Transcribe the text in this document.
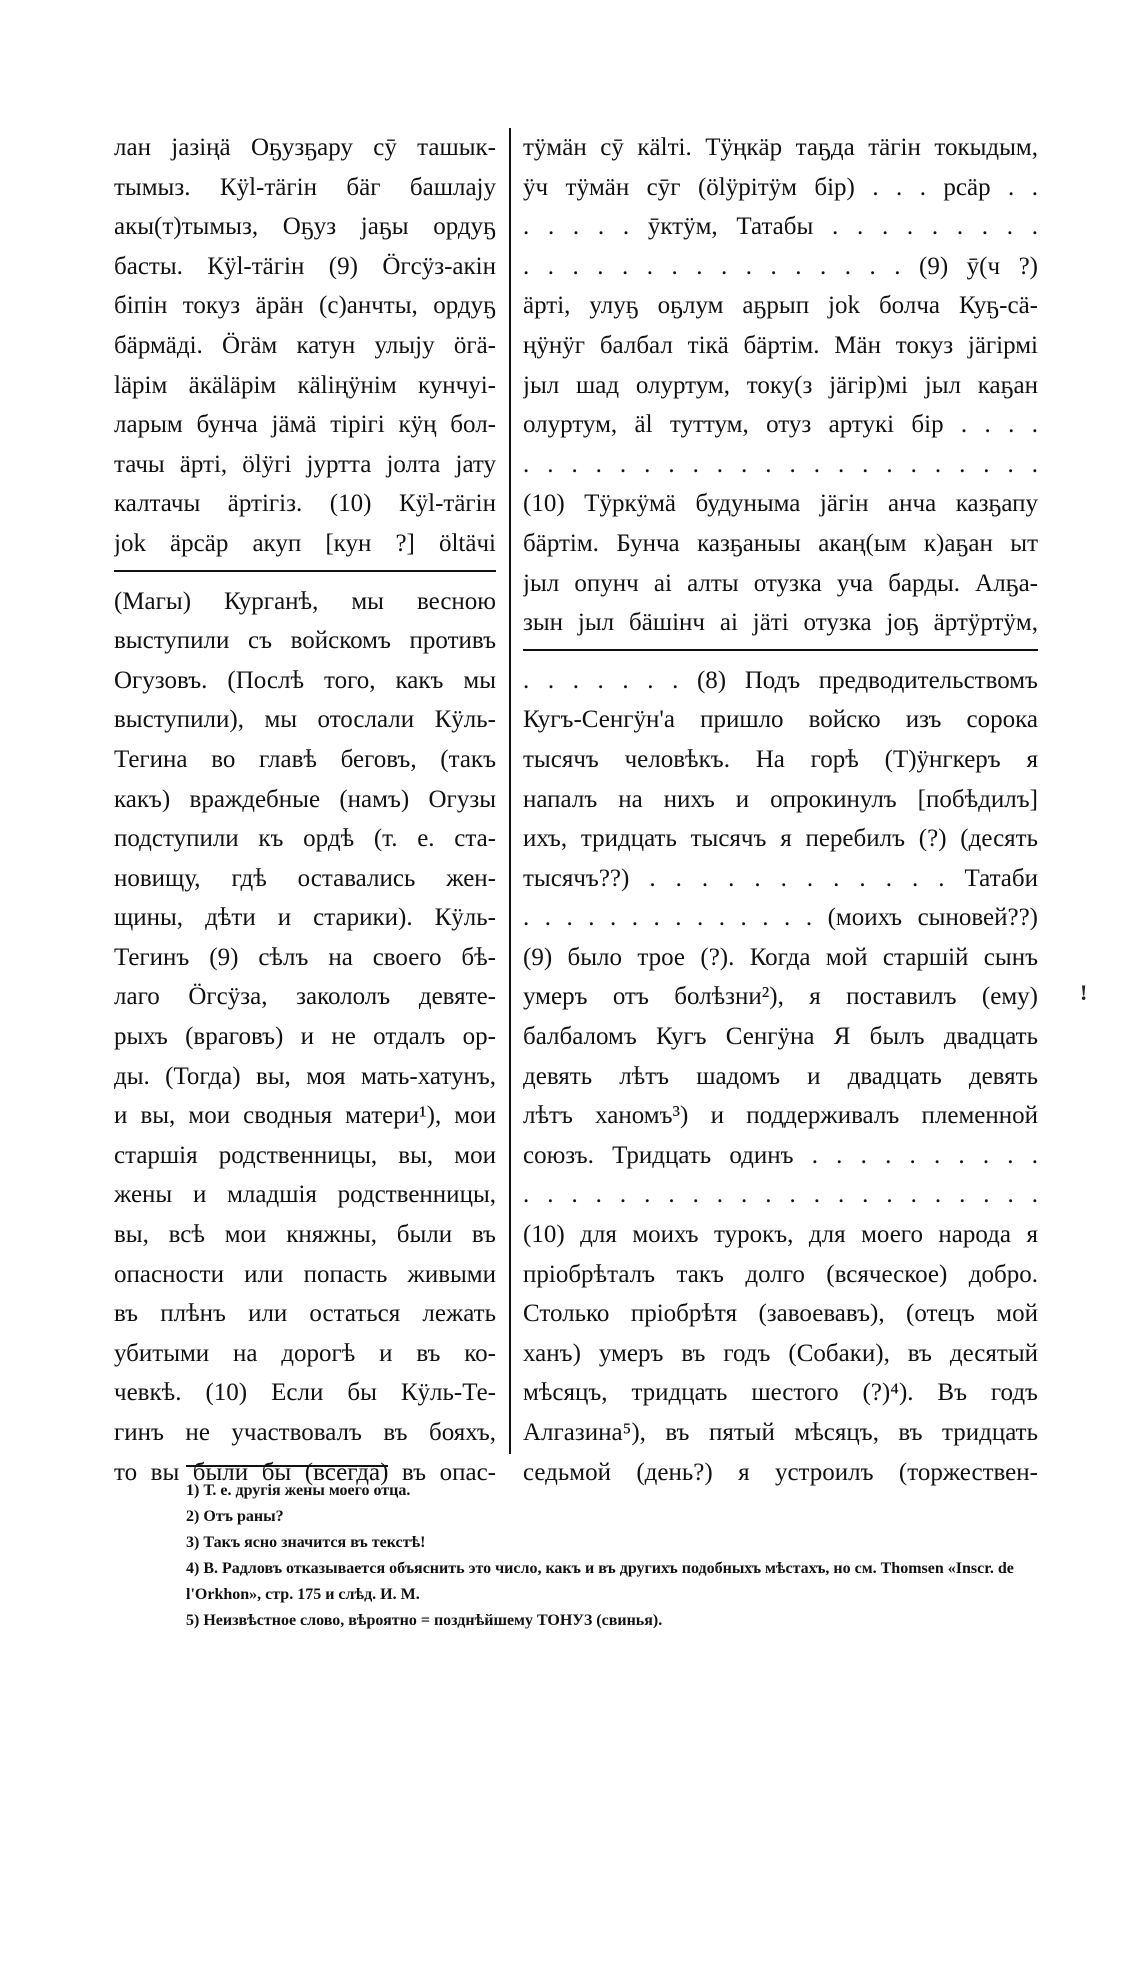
лан јазіңä Оҕузҕару сӯ ташык-
тымыз. Кӱl-тäгін бäг башлају
акы(т)тымыз, Оҕуз јаҕы ордуҕ
басты. Кӱl-тäгін (9) Öгсӱз-акін
біпін токуз äрäн (с)анчты, ордуҕ
бäрмäді. Öгäм катун улыју öгä-
läрім äкäläрім кäliңӱнім кунчуі-
ларым бунча јäмä тірігі кӱң бол-
тачы äрті, ölӱгі јуртта јолта јату
калтачы äртігіз. (10) Кӱl-тäгін
jok äрсäр акуп [кун ?] öltäчі
(Магы) Курганѣ, мы весною
выступили съ войскомъ противъ
Огузовъ. (Послѣ того, какъ мы
выступили), мы отослали Кӱль-
Тегина во главѣ беговъ, (такъ
какъ) враждебные (намъ) Огузы
подступили къ ордѣ (т. е. ста-
новищу, гдѣ оставались жен-
щины, дѣти и старики). Кӱль-
Тегинъ (9) сѣлъ на своего бѣ-
лаго Öгсӱза, закололъ девяте-
рыхъ (враговъ) и не отдалъ ор-
ды. (Тогда) вы, моя мать-хатунъ,
и вы, мои сводныя матери¹), мои
старшія родственницы, вы, мои
жены и младшія родственницы,
вы, всѣ мои княжны, были въ
опасности или попасть живыми
въ плѣнъ или остаться лежать
убитыми на дорогѣ и въ ко-
чевкѣ. (10) Если бы Кӱль-Те-
гинъ не участвовалъ въ бояхъ,
то вы были бы (всегда) въ опас-
тӱмäн сӯ кälті. Тӱңкäр таҕда тäгін токыдым,
ӱч тӱмäн сӯг (ölӱрітӱм бір) . . . рсäр . .
. . . . . ӯктӱм, Татабы . . . . . . . . .
. . . . . . . . . . . . . . . . (9) ӯ(ч ?)
äрті, улуҕ оҕлум аҕрып јok болча Куҕ-сä-
ңӱнӱг балбал тікä бäртім. Мäн токуз јäгірмі
јыл шад олуртум, току(з јäгір)мі јыл каҕан
олуртум, äl туттум, отуз артукі бір . . . .
. . . . . . . . . . . . . . . . . . . . . .
(10) Тӱркӱмä будуныма јäгін анча казҕапу
бäртім. Бунча казҕаныы акаң(ым к)аҕан ыт
јыл опунч аі алты отузка уча барды. Алҕа-
зын јыл бäшінч аі јäті отузка јоҕ äртӱртӱм,
. . . . . . . (8) Подъ предводительствомъ
Кугъ-Сенгӱн'а пришло войско изъ сорока
тысячъ человѣкъ. На горѣ (Т)ӱнгкеръ я
напалъ на нихъ и опрокинулъ [побѣдилъ]
ихъ, тридцать тысячъ я перебилъ (?) (десять
тысячъ??) . . . . . . . . . . . . Татаби
. . . . . . . . . . . . . . (моихъ сыновей??)
(9) было трое (?). Когда мой старшій сынъ
умеръ отъ болѣзни²), я поставилъ (ему)
балбаломъ Кугъ Сенгӱна Я былъ двадцать
девять лѣтъ шадомъ и двадцать девять
лѣтъ ханомъ³) и поддерживалъ племенной
союзъ. Тридцать одинъ . . . . . . . . . .
. . . . . . . . . . . . . . . . . . . . . .
(10) для моихъ турокъ, для моего народа я
пріобрѣталъ такъ долго (всяческое) добро.
Столько пріобрѣтя (завоевавъ), (отецъ мой
ханъ) умеръ въ годъ (Собаки), въ десятый
мѣсяцъ, тридцать шестого (?)⁴). Въ годъ
Алгазина⁵), въ пятый мѣсяцъ, въ тридцать
седьмой (день?) я устроилъ (торжествен-
1) Т. е. другія жены моего отца.
2) Отъ раны?
3) Такъ ясно значится въ текстѣ!
4) В. Радловъ отказывается объяснить это число, какъ и въ другихъ подобныхъ мѣстахъ, но см. Thomsen «Inscr. de l'Orkhon», стр. 175 и слѣд. И. М.
5) Неизвѣстное слово, вѣроятно = позднѣйшему ТОНУЗ (свинья).
!
